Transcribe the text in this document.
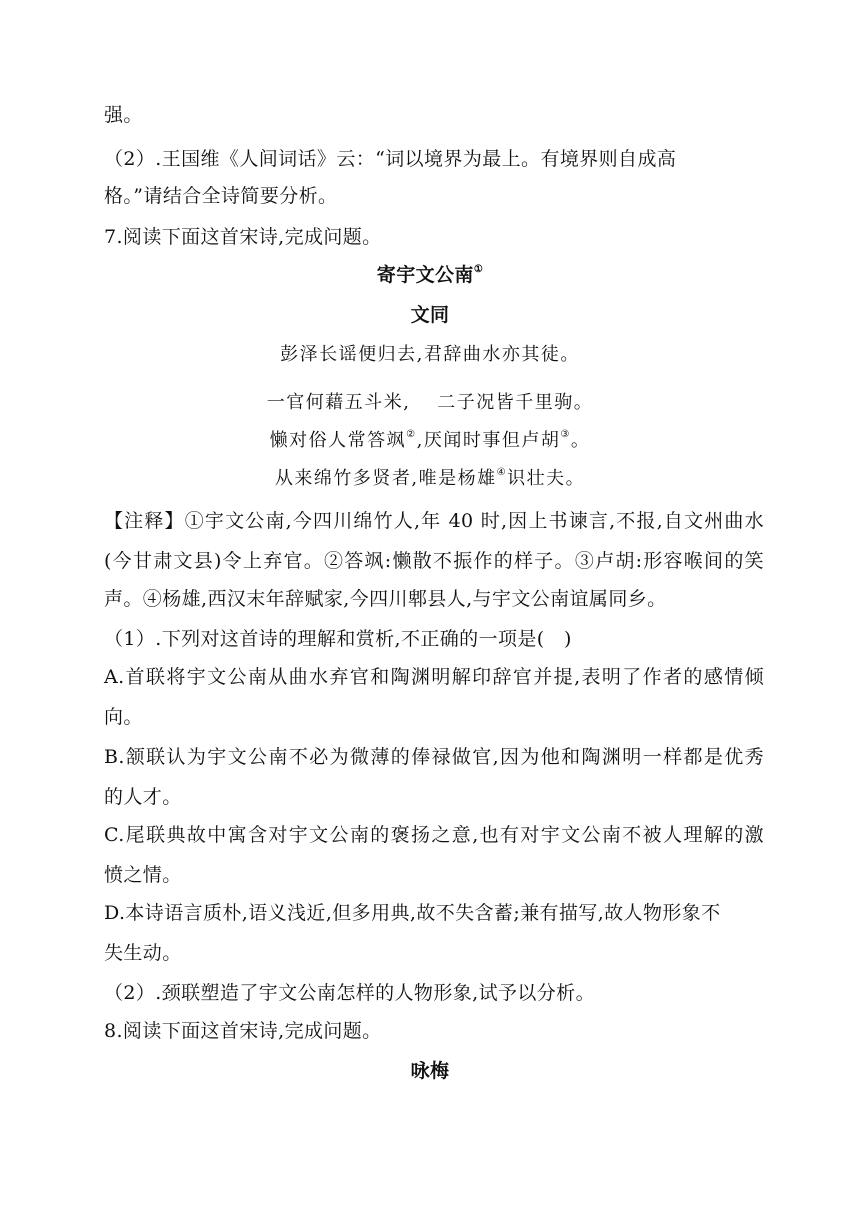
强。
（2）.王国维《人间词话》云：“词以境界为最上。有境界则自成高
格。”请结合全诗简要分析。
7.阅读下面这首宋诗,完成问题。
寄宇文公南①
文同
彭泽长谣便归去,君辞曲水亦其徒。
一官何藉五斗米,　 二子况皆千里驹。
懒对俗人常答飒②,厌闻时事但卢胡③。
从来绵竹多贤者,唯是杨雄④识壮夫。
【注释】①宇文公南,今四川绵竹人,年 40 时,因上书谏言,不报,自文州曲水
(今甘肃文县)令上弃官。②答飒:懒散不振作的样子。③卢胡:形容喉间的笑
声。④杨雄,西汉末年辞赋家,今四川郫县人,与宇文公南谊属同乡。
（1）.下列对这首诗的理解和赏析,不正确的一项是(　)
A.首联将宇文公南从曲水弃官和陶渊明解印辞官并提,表明了作者的感情倾
向。
B.颔联认为宇文公南不必为微薄的俸禄做官,因为他和陶渊明一样都是优秀
的人才。
C.尾联典故中寓含对宇文公南的褒扬之意,也有对宇文公南不被人理解的激
愤之情。
D.本诗语言质朴,语义浅近,但多用典,故不失含蓄;兼有描写,故人物形象不
失生动。
（2）.颈联塑造了宇文公南怎样的人物形象,试予以分析。
8.阅读下面这首宋诗,完成问题。
咏梅
